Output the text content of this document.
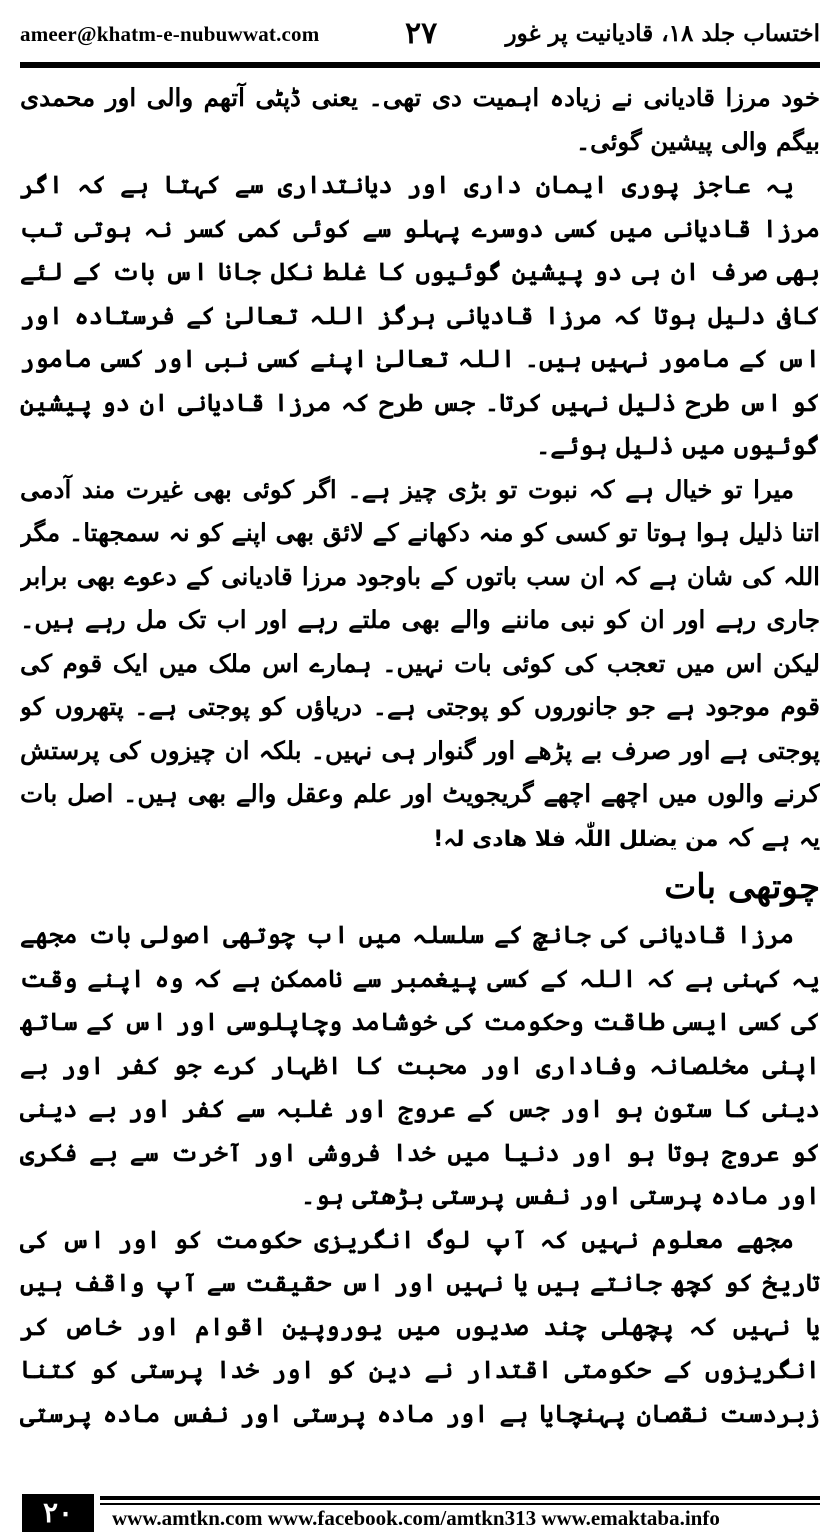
ameer@khatm-e-nubuwwat.com	۲۷	اختساب جلد ۱۸، قادیانیت پر غور

خود مرزا قادیانی نے زیادہ اہمیت دی تھی۔ یعنی ڈپٹی آتھم والی اور محمدی بیگم والی پیشین گوئی۔

یہ عاجز پوری ایمان داری اور دیانتداری سے کہتا ہے کہ اگر مرزا قادیانی میں کسی دوسرے پہلو سے کوئی کمی کسر نہ ہوتی تب بھی صرف ان ہی دو پیشین گوئیوں کا غلط نکل جانا اس بات کے لئے کافی دلیل ہوتا کہ مرزا قادیانی ہرگز اللہ تعالیٰ کے فرستادہ اور اس کے مامور نہیں ہیں۔ اللہ تعالیٰ اپنے کسی نبی اور کسی مامور کو اس طرح ذلیل نہیں کرتا۔ جس طرح کہ مرزا قادیانی ان دو پیشین گوئیوں میں ذلیل ہوئے۔

میرا تو خیال ہے کہ نبوت تو بڑی چیز ہے۔ اگر کوئی بھی غیرت مند آدمی اتنا ذلیل ہوا ہوتا تو کسی کو منہ دکھانے کے لائق بھی اپنے کو نہ سمجھتا۔ مگر اللہ کی شان ہے کہ ان سب باتوں کے باوجود مرزا قادیانی کے دعوے بھی برابر جاری رہے اور ان کو نبی ماننے والے بھی ملتے رہے اور اب تک مل رہے ہیں۔ لیکن اس میں تعجب کی کوئی بات نہیں۔ ہمارے اس ملک میں ایک قوم کی قوم موجود ہے جو جانوروں کو پوجتی ہے۔ دریاؤں کو پوجتی ہے۔ پتھروں کو پوجتی ہے اور صرف بے پڑھے اور گنوار ہی نہیں۔ بلکہ ان چیزوں کی پرستش کرنے والوں میں اچھے اچھے گریجویٹ اور علم وعقل والے بھی ہیں۔ اصل بات یہ ہے کہ من یضلل اللّٰہ فلا ھادی لہ!

چوتھی بات

مرزا قادیانی کی جانچ کے سلسلہ میں اب چوتھی اصولی بات مجھے یہ کہنی ہے کہ اللہ کے کسی پیغمبر سے ناممکن ہے کہ وہ اپنے وقت کی کسی ایسی طاقت وحکومت کی خوشامد وچاپلوسی اور اس کے ساتھ اپنی مخلصانہ وفاداری اور محبت کا اظہار کرے جو کفر اور بے دینی کا ستون ہو اور جس کے عروج اور غلبہ سے کفر اور بے دینی کو عروج ہوتا ہو اور دنیا میں خدا فروشی اور آخرت سے بے فکری اور مادہ پرستی اور نفس پرستی بڑھتی ہو۔

مجھے معلوم نہیں کہ آپ لوگ انگریزی حکومت کو اور اس کی تاریخ کو کچھ جانتے ہیں یا نہیں اور اس حقیقت سے آپ واقف ہیں یا نہیں کہ پچھلی چند صدیوں میں یوروپین اقوام اور خاص کر انگریزوں کے حکومتی اقتدار نے دین کو اور خدا پرستی کو کتنا زبردست نقصان پہنچایا ہے اور مادہ پرستی اور نفس مادہ پرستی

۲۰	www.amtkn.com www.facebook.com/amtkn313 www.emaktaba.info
